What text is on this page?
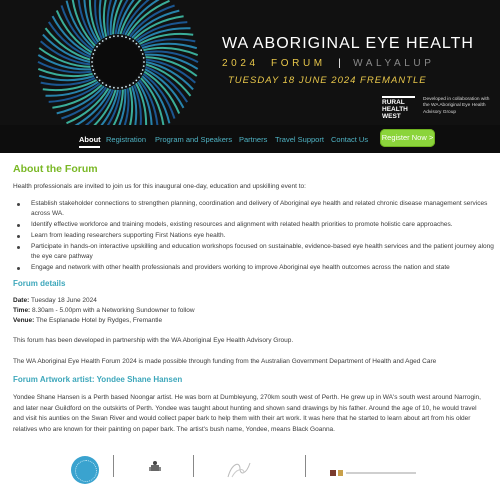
WA ABORIGINAL EYE HEALTH
2024 FORUM | WALYALUP
TUESDAY 18 JUNE 2024 FREMANTLE
RURAL
HEALTH
WEST
Developed in collaboration with the WA Aboriginal Eye Health Advisory Group
About Registration Program and Speakers Partners Travel Support Contact Us Register Now >
About the Forum
Health professionals are invited to join us for this inaugural one-day, education and upskilling event to:
Establish stakeholder connections to strengthen planning, coordination and delivery of Aboriginal eye health and related chronic disease management services across WA.
Identify effective workforce and training models, existing resources and alignment with related health priorities to promote holistic care approaches.
Learn from leading researchers supporting First Nations eye health.
Participate in hands-on interactive upskilling and education workshops focused on sustainable, evidence-based eye health services and the patient journey along the eye care pathway
Engage and network with other health professionals and providers working to improve Aboriginal eye health outcomes across the nation and state
Forum details
Date: Tuesday 18 June 2024
Time: 8.30am - 5.00pm with a Networking Sundowner to follow
Venue: The Esplanade Hotel by Rydges, Fremantle
This forum has been developed in partnership with the WA Aboriginal Eye Health Advisory Group.
The WA Aboriginal Eye Health Forum 2024 is made possible through funding from the Australian Government Department of Health and Aged Care
Forum Artwork artist: Yondee Shane Hansen
Yondee Shane Hansen is a Perth based Noongar artist. He was born at Dumbleyung, 270km south west of Perth. He grew up in WA's south west around Narrogin, and later near Guildford on the outskirts of Perth. Yondee was taught about hunting and shown sand drawings by his father. Around the age of 10, he would travel and visit his aunties on the Swan River and would collect paper bark to help them with their art work. It was here that he started to learn about art from his older relatives who are known for their painting on paper bark. The artist's bush name, Yondee, means Black Goanna.
